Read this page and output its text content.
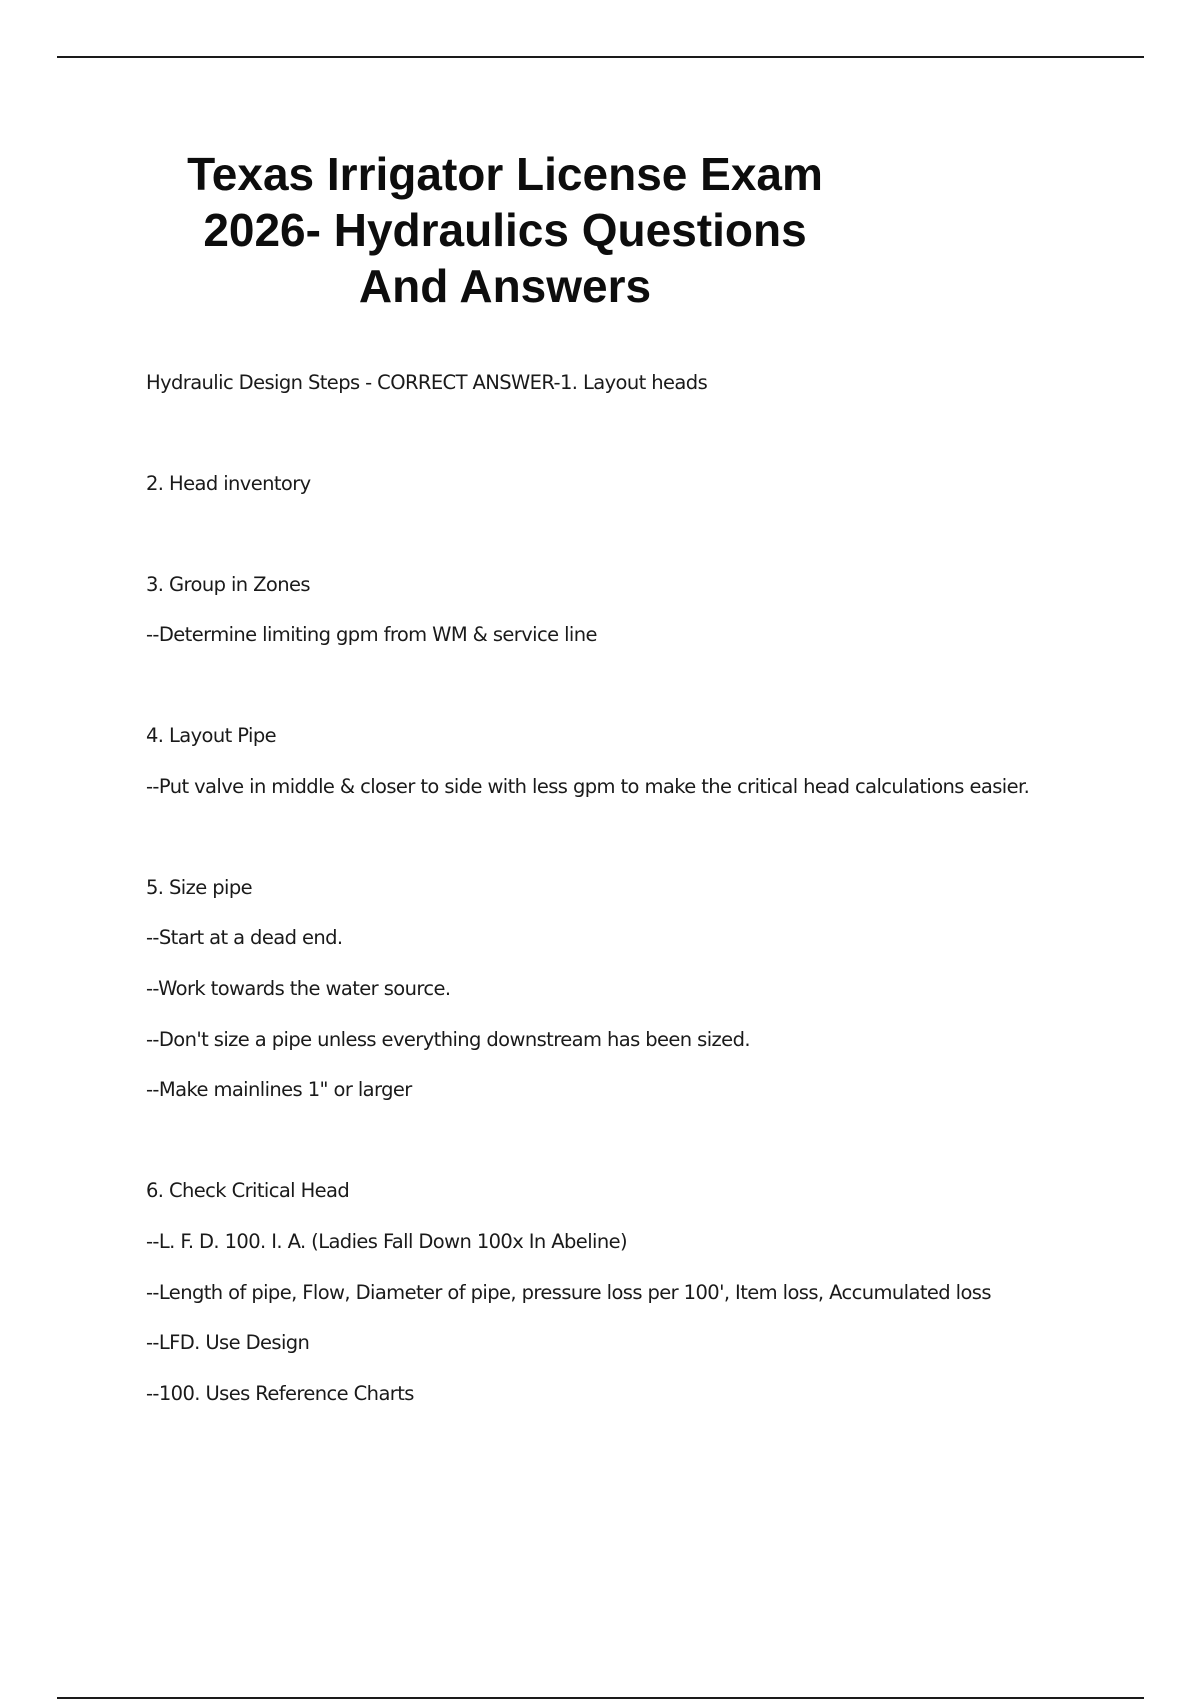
Texas Irrigator License Exam
2026- Hydraulics Questions
And Answers
Hydraulic Design Steps - CORRECT ANSWER-1. Layout heads
2. Head inventory
3. Group in Zones
--Determine limiting gpm from WM & service line
4. Layout Pipe
--Put valve in middle & closer to side with less gpm to make the critical head calculations easier.
5. Size pipe
--Start at a dead end.
--Work towards the water source.
--Don't size a pipe unless everything downstream has been sized.
--Make mainlines 1" or larger
6. Check Critical Head
--L. F. D. 100. I. A. (Ladies Fall Down 100x In Abeline)
--Length of pipe, Flow, Diameter of pipe, pressure loss per 100', Item loss, Accumulated loss
--LFD. Use Design
--100. Uses Reference Charts
